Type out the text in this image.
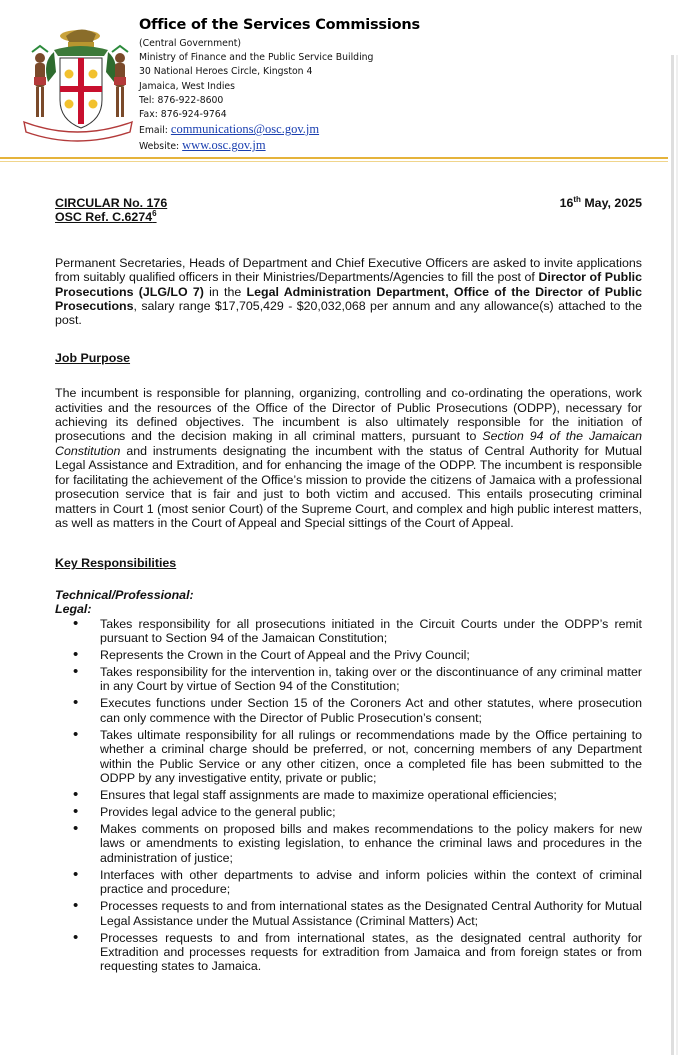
Office of the Services Commissions
(Central Government)
Ministry of Finance and the Public Service Building
30 National Heroes Circle, Kingston 4
Jamaica, West Indies
Tel: 876-922-8600
Fax: 876-924-9764
Email: communications@osc.gov.jm
Website: www.osc.gov.jm
CIRCULAR No. 176
OSC Ref. C.6274$^6$
16th May, 2025

Permanent Secretaries, Heads of Department and Chief Executive Officers are asked to invite applications from suitably qualified officers in their Ministries/Departments/Agencies to fill the post of Director of Public Prosecutions (JLG/LO 7) in the Legal Administration Department, Office of the Director of Public Prosecutions, salary range $17,705,429 - $20,032,068 per annum and any allowance(s) attached to the post.

Job Purpose

The incumbent is responsible for planning, organizing, controlling and co-ordinating the operations, work activities and the resources of the Office of the Director of Public Prosecutions (ODPP), necessary for achieving its defined objectives. The incumbent is also ultimately responsible for the initiation of prosecutions and the decision making in all criminal matters, pursuant to Section 94 of the Jamaican Constitution and instruments designating the incumbent with the status of Central Authority for Mutual Legal Assistance and Extradition, and for enhancing the image of the ODPP. The incumbent is responsible for facilitating the achievement of the Office’s mission to provide the citizens of Jamaica with a professional prosecution service that is fair and just to both victim and accused. This entails prosecuting criminal matters in Court 1 (most senior Court) of the Supreme Court, and complex and high public interest matters, as well as matters in the Court of Appeal and Special sittings of the Court of Appeal.

Key Responsibilities
Technical/Professional:
Legal:
• Takes responsibility for all prosecutions initiated in the Circuit Courts under the ODPP’s remit pursuant to Section 94 of the Jamaican Constitution;
• Represents the Crown in the Court of Appeal and the Privy Council;
• Takes responsibility for the intervention in, taking over or the discontinuance of any criminal matter in any Court by virtue of Section 94 of the Constitution;
• Executes functions under Section 15 of the Coroners Act and other statutes, where prosecution can only commence with the Director of Public Prosecution’s consent;
• Takes ultimate responsibility for all rulings or recommendations made by the Office pertaining to whether a criminal charge should be preferred, or not, concerning members of any Department within the Public Service or any other citizen, once a completed file has been submitted to the ODPP by any investigative entity, private or public;
• Ensures that legal staff assignments are made to maximize operational efficiencies;
• Provides legal advice to the general public;
• Makes comments on proposed bills and makes recommendations to the policy makers for new laws or amendments to existing legislation, to enhance the criminal laws and procedures in the administration of justice;
• Interfaces with other departments to advise and inform policies within the context of criminal practice and procedure;
• Processes requests to and from international states as the Designated Central Authority for Mutual Legal Assistance under the Mutual Assistance (Criminal Matters) Act;
• Processes requests to and from international states, as the designated central authority for Extradition and processes requests for extradition from Jamaica and from foreign states or from requesting states to Jamaica.
